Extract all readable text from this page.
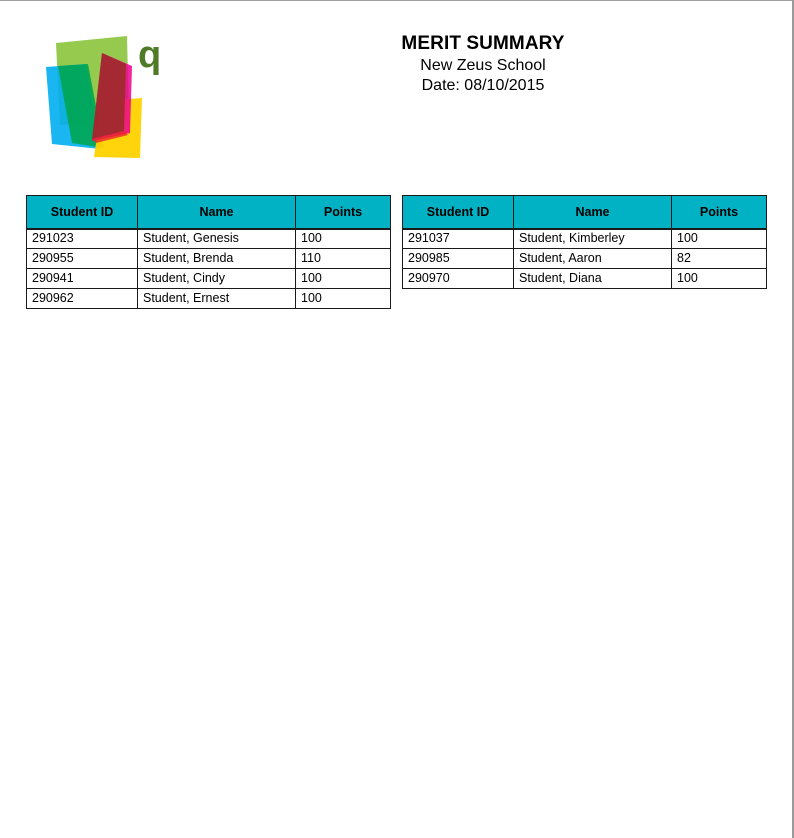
q	MERIT SUMMARY
New Zeus School
Date: 08/10/2015
Student ID	Name	Points
291023	Student, Genesis	100
290955	Student, Brenda	110
290941	Student, Cindy	100
290962	Student, Ernest	100
Student ID	Name	Points
291037	Student, Kimberley	100
290985	Student, Aaron	82
290970	Student, Diana	100
